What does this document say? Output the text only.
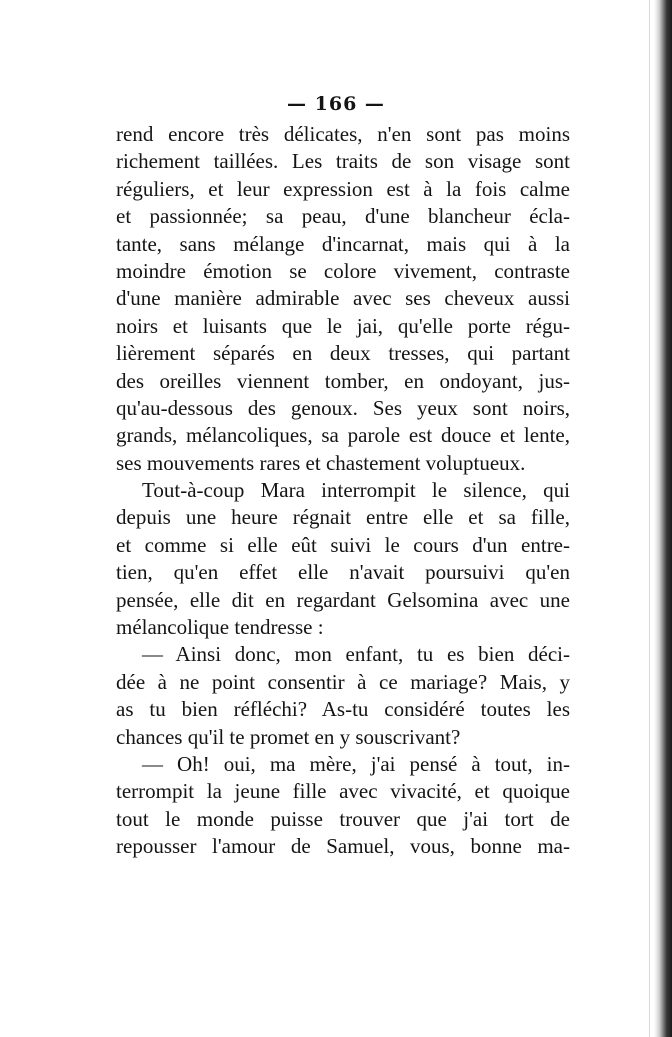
— 166 —
rend encore très délicates, n'en sont pas moins
richement taillées. Les traits de son visage sont
réguliers, et leur expression est à la fois calme
et passionnée; sa peau, d'une blancheur écla-
tante, sans mélange d'incarnat, mais qui à la
moindre émotion se colore vivement, contraste
d'une manière admirable avec ses cheveux aussi
noirs et luisants que le jai, qu'elle porte régu-
lièrement séparés en deux tresses, qui partant
des oreilles viennent tomber, en ondoyant, jus-
qu'au-dessous des genoux. Ses yeux sont noirs,
grands, mélancoliques, sa parole est douce et lente,
ses mouvements rares et chastement voluptueux.
Tout-à-coup Mara interrompit le silence, qui
depuis une heure régnait entre elle et sa fille,
et comme si elle eût suivi le cours d'un entre-
tien, qu'en effet elle n'avait poursuivi qu'en
pensée, elle dit en regardant Gelsomina avec une
mélancolique tendresse :
— Ainsi donc, mon enfant, tu es bien déci-
dée à ne point consentir à ce mariage? Mais, y
as tu bien réfléchi? As-tu considéré toutes les
chances qu'il te promet en y souscrivant?
— Oh! oui, ma mère, j'ai pensé à tout, in-
terrompit la jeune fille avec vivacité, et quoique
tout le monde puisse trouver que j'ai tort de
repousser l'amour de Samuel, vous, bonne ma-
